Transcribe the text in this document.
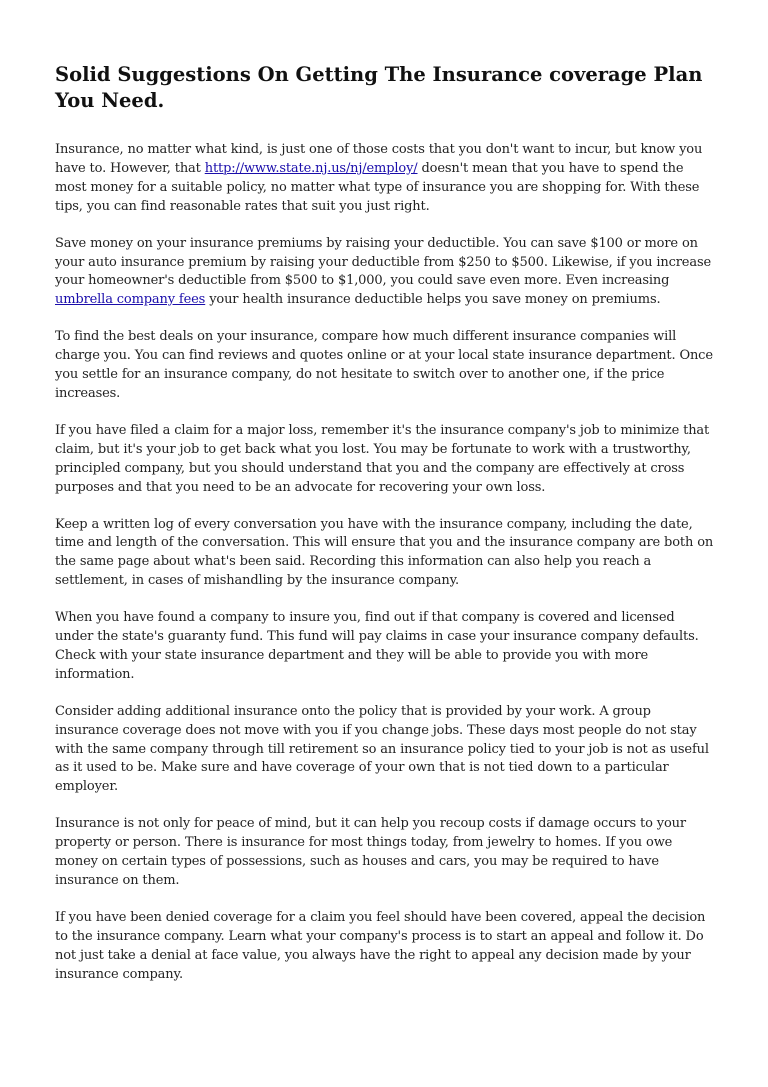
Solid Suggestions On Getting The Insurance coverage Plan You Need.

Insurance, no matter what kind, is just one of those costs that you don't want to incur, but know you have to. However, that http://www.state.nj.us/nj/employ/ doesn't mean that you have to spend the most money for a suitable policy, no matter what type of insurance you are shopping for. With these tips, you can find reasonable rates that suit you just right.

Save money on your insurance premiums by raising your deductible. You can save $100 or more on your auto insurance premium by raising your deductible from $250 to $500. Likewise, if you increase your homeowner's deductible from $500 to $1,000, you could save even more. Even increasing umbrella company fees your health insurance deductible helps you save money on premiums.

To find the best deals on your insurance, compare how much different insurance companies will charge you. You can find reviews and quotes online or at your local state insurance department. Once you settle for an insurance company, do not hesitate to switch over to another one, if the price increases.

If you have filed a claim for a major loss, remember it's the insurance company's job to minimize that claim, but it's your job to get back what you lost. You may be fortunate to work with a trustworthy, principled company, but you should understand that you and the company are effectively at cross purposes and that you need to be an advocate for recovering your own loss.

Keep a written log of every conversation you have with the insurance company, including the date, time and length of the conversation. This will ensure that you and the insurance company are both on the same page about what's been said. Recording this information can also help you reach a settlement, in cases of mishandling by the insurance company.

When you have found a company to insure you, find out if that company is covered and licensed under the state's guaranty fund. This fund will pay claims in case your insurance company defaults. Check with your state insurance department and they will be able to provide you with more information.

Consider adding additional insurance onto the policy that is provided by your work. A group insurance coverage does not move with you if you change jobs. These days most people do not stay with the same company through till retirement so an insurance policy tied to your job is not as useful as it used to be. Make sure and have coverage of your own that is not tied down to a particular employer.

Insurance is not only for peace of mind, but it can help you recoup costs if damage occurs to your property or person. There is insurance for most things today, from jewelry to homes. If you owe money on certain types of possessions, such as houses and cars, you may be required to have insurance on them.

If you have been denied coverage for a claim you feel should have been covered, appeal the decision to the insurance company. Learn what your company's process is to start an appeal and follow it. Do not just take a denial at face value, you always have the right to appeal any decision made by your insurance company.
